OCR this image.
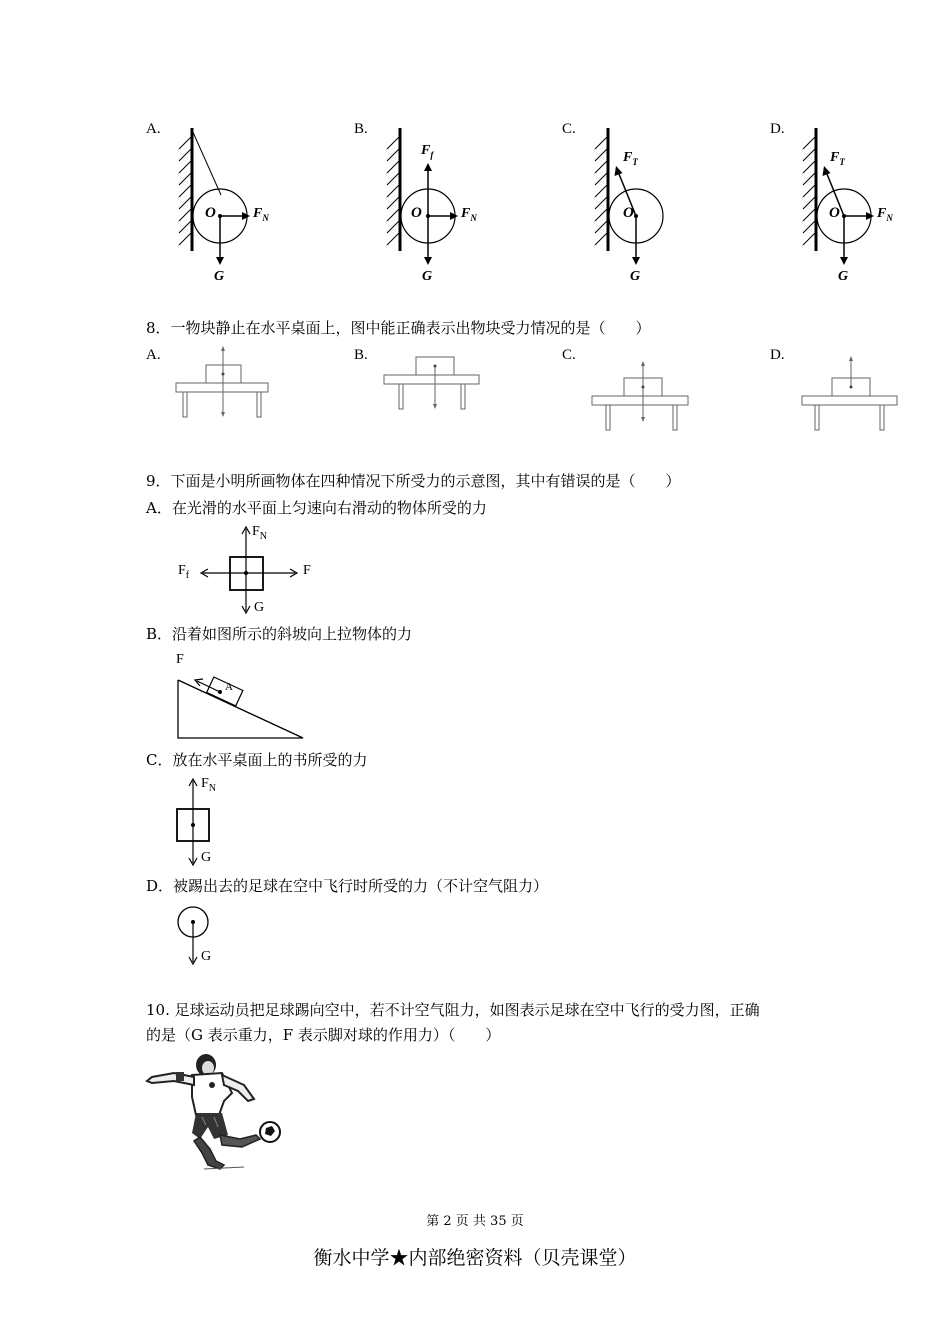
A.
O	$F_N$
G
B.
$F_f$
O	$F_N$
G
C.
$F_T$
O
G
D.
$F_T$
O	$F_N$
G
8．一物块静止在水平桌面上，图中能正确表示出物块受力情况的是（　　）
A.	B.	C.	D.
9．下面是小明所画物体在四种情况下所受力的示意图，其中有错误的是（　　）
A．在光滑的水平面上匀速向右滑动的物体所受的力
$F_N$
$F_f$	F
G
B．沿着如图所示的斜坡向上拉物体的力
F
A
C．放在水平桌面上的书所受的力
$F_N$
G
D．被踢出去的足球在空中飞行时所受的力（不计空气阻力）
G
10. 足球运动员把足球踢向空中，若不计空气阻力，如图表示足球在空中飞行的受力图，正确
的是（G 表示重力，F 表示脚对球的作用力）（　　）
第 2 页 共 35 页
衡水中学★内部绝密资料（贝壳课堂）
